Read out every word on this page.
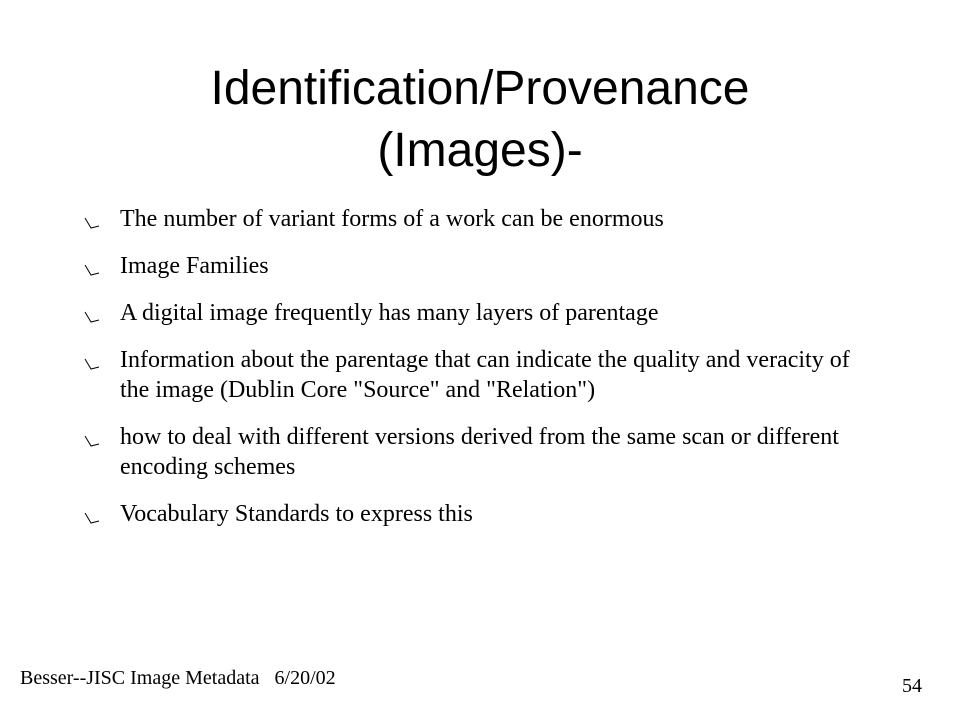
Identification/Provenance
(Images)-
The number of variant forms of a work can be enormous
Image Families
A digital image frequently has many layers of parentage
Information about the parentage that can indicate the quality and veracity of the image (Dublin Core "Source" and "Relation")
how to deal with different versions derived from the same scan or different encoding schemes
Vocabulary Standards to express this
Besser--JISC Image Metadata   6/20/02	54
